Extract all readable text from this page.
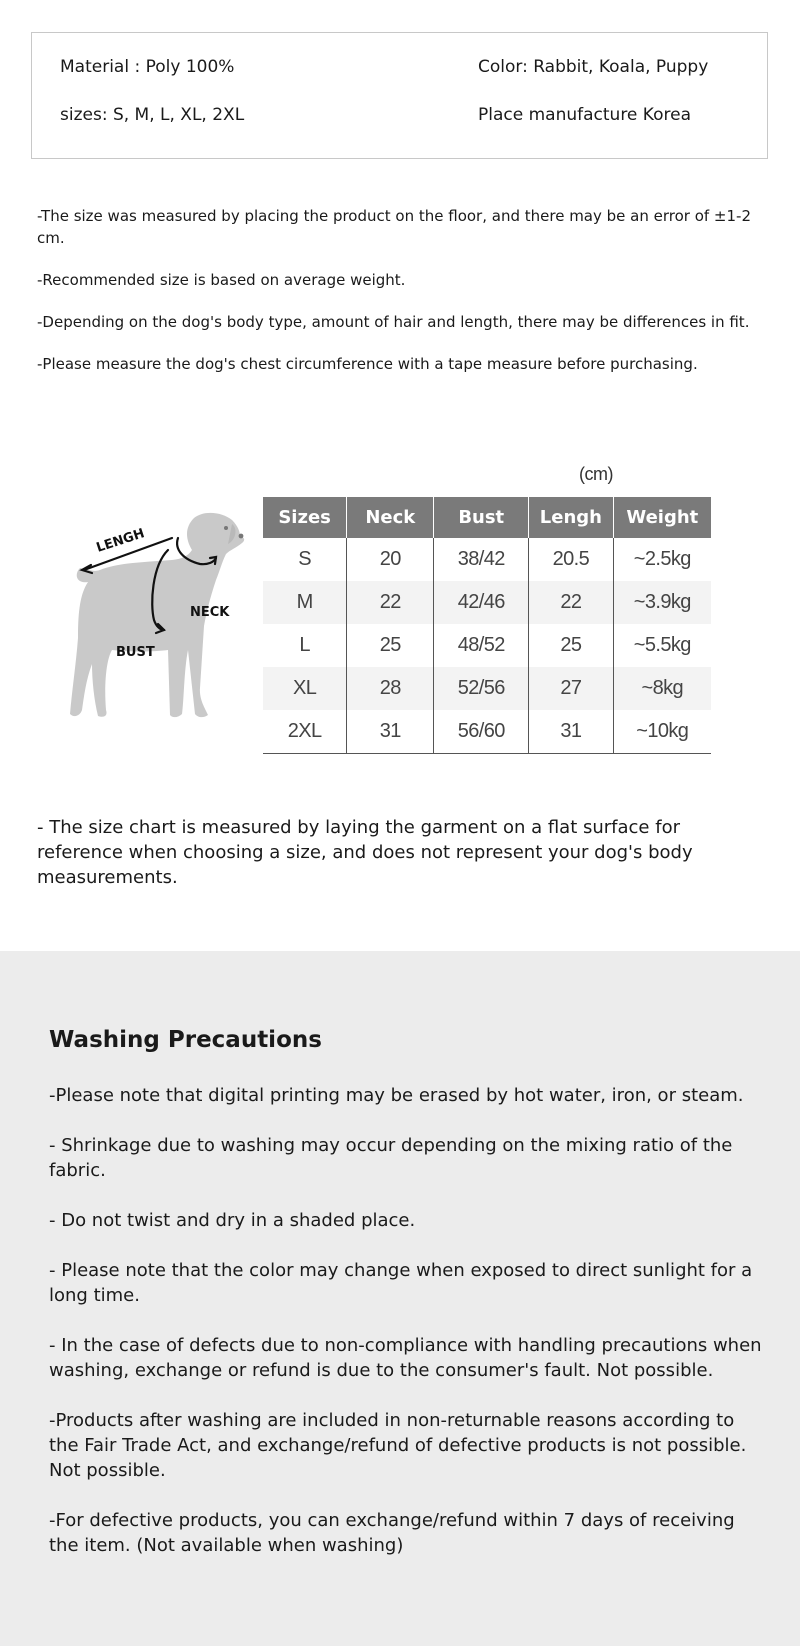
Material : Poly 100%	Color: Rabbit, Koala, Puppy
sizes: S, M, L, XL, 2XL	Place manufacture Korea

-The size was measured by placing the product on the floor, and there may be an error of ±1-2 cm.

-Recommended size is based on average weight.

-Depending on the dog's body type, amount of hair and length, there may be differences in fit.

-Please measure the dog's chest circumference with a tape measure before purchasing.

LENGH
NECK
BUST
(cm)
Sizes	Neck	Bust	Lengh	Weight
S	20	38/42	20.5	~2.5kg
M	22	42/46	22	~3.9kg
L	25	48/52	25	~5.5kg
XL	28	52/56	27	~8kg
2XL	31	56/60	31	~10kg
- The size chart is measured by laying the garment on a flat surface for reference when choosing a size, and does not represent your dog's body measurements.
Washing Precautions

-Please note that digital printing may be erased by hot water, iron, or steam.

- Shrinkage due to washing may occur depending on the mixing ratio of the fabric.

- Do not twist and dry in a shaded place.

- Please note that the color may change when exposed to direct sunlight for a long time.

- In the case of defects due to non-compliance with handling precautions when washing, exchange or refund is due to the consumer's fault. Not possible.

-Products after washing are included in non-returnable reasons according to the Fair Trade Act, and exchange/refund of defective products is not possible.
Not possible.

-For defective products, you can exchange/refund within 7 days of receiving the item. (Not available when washing)
